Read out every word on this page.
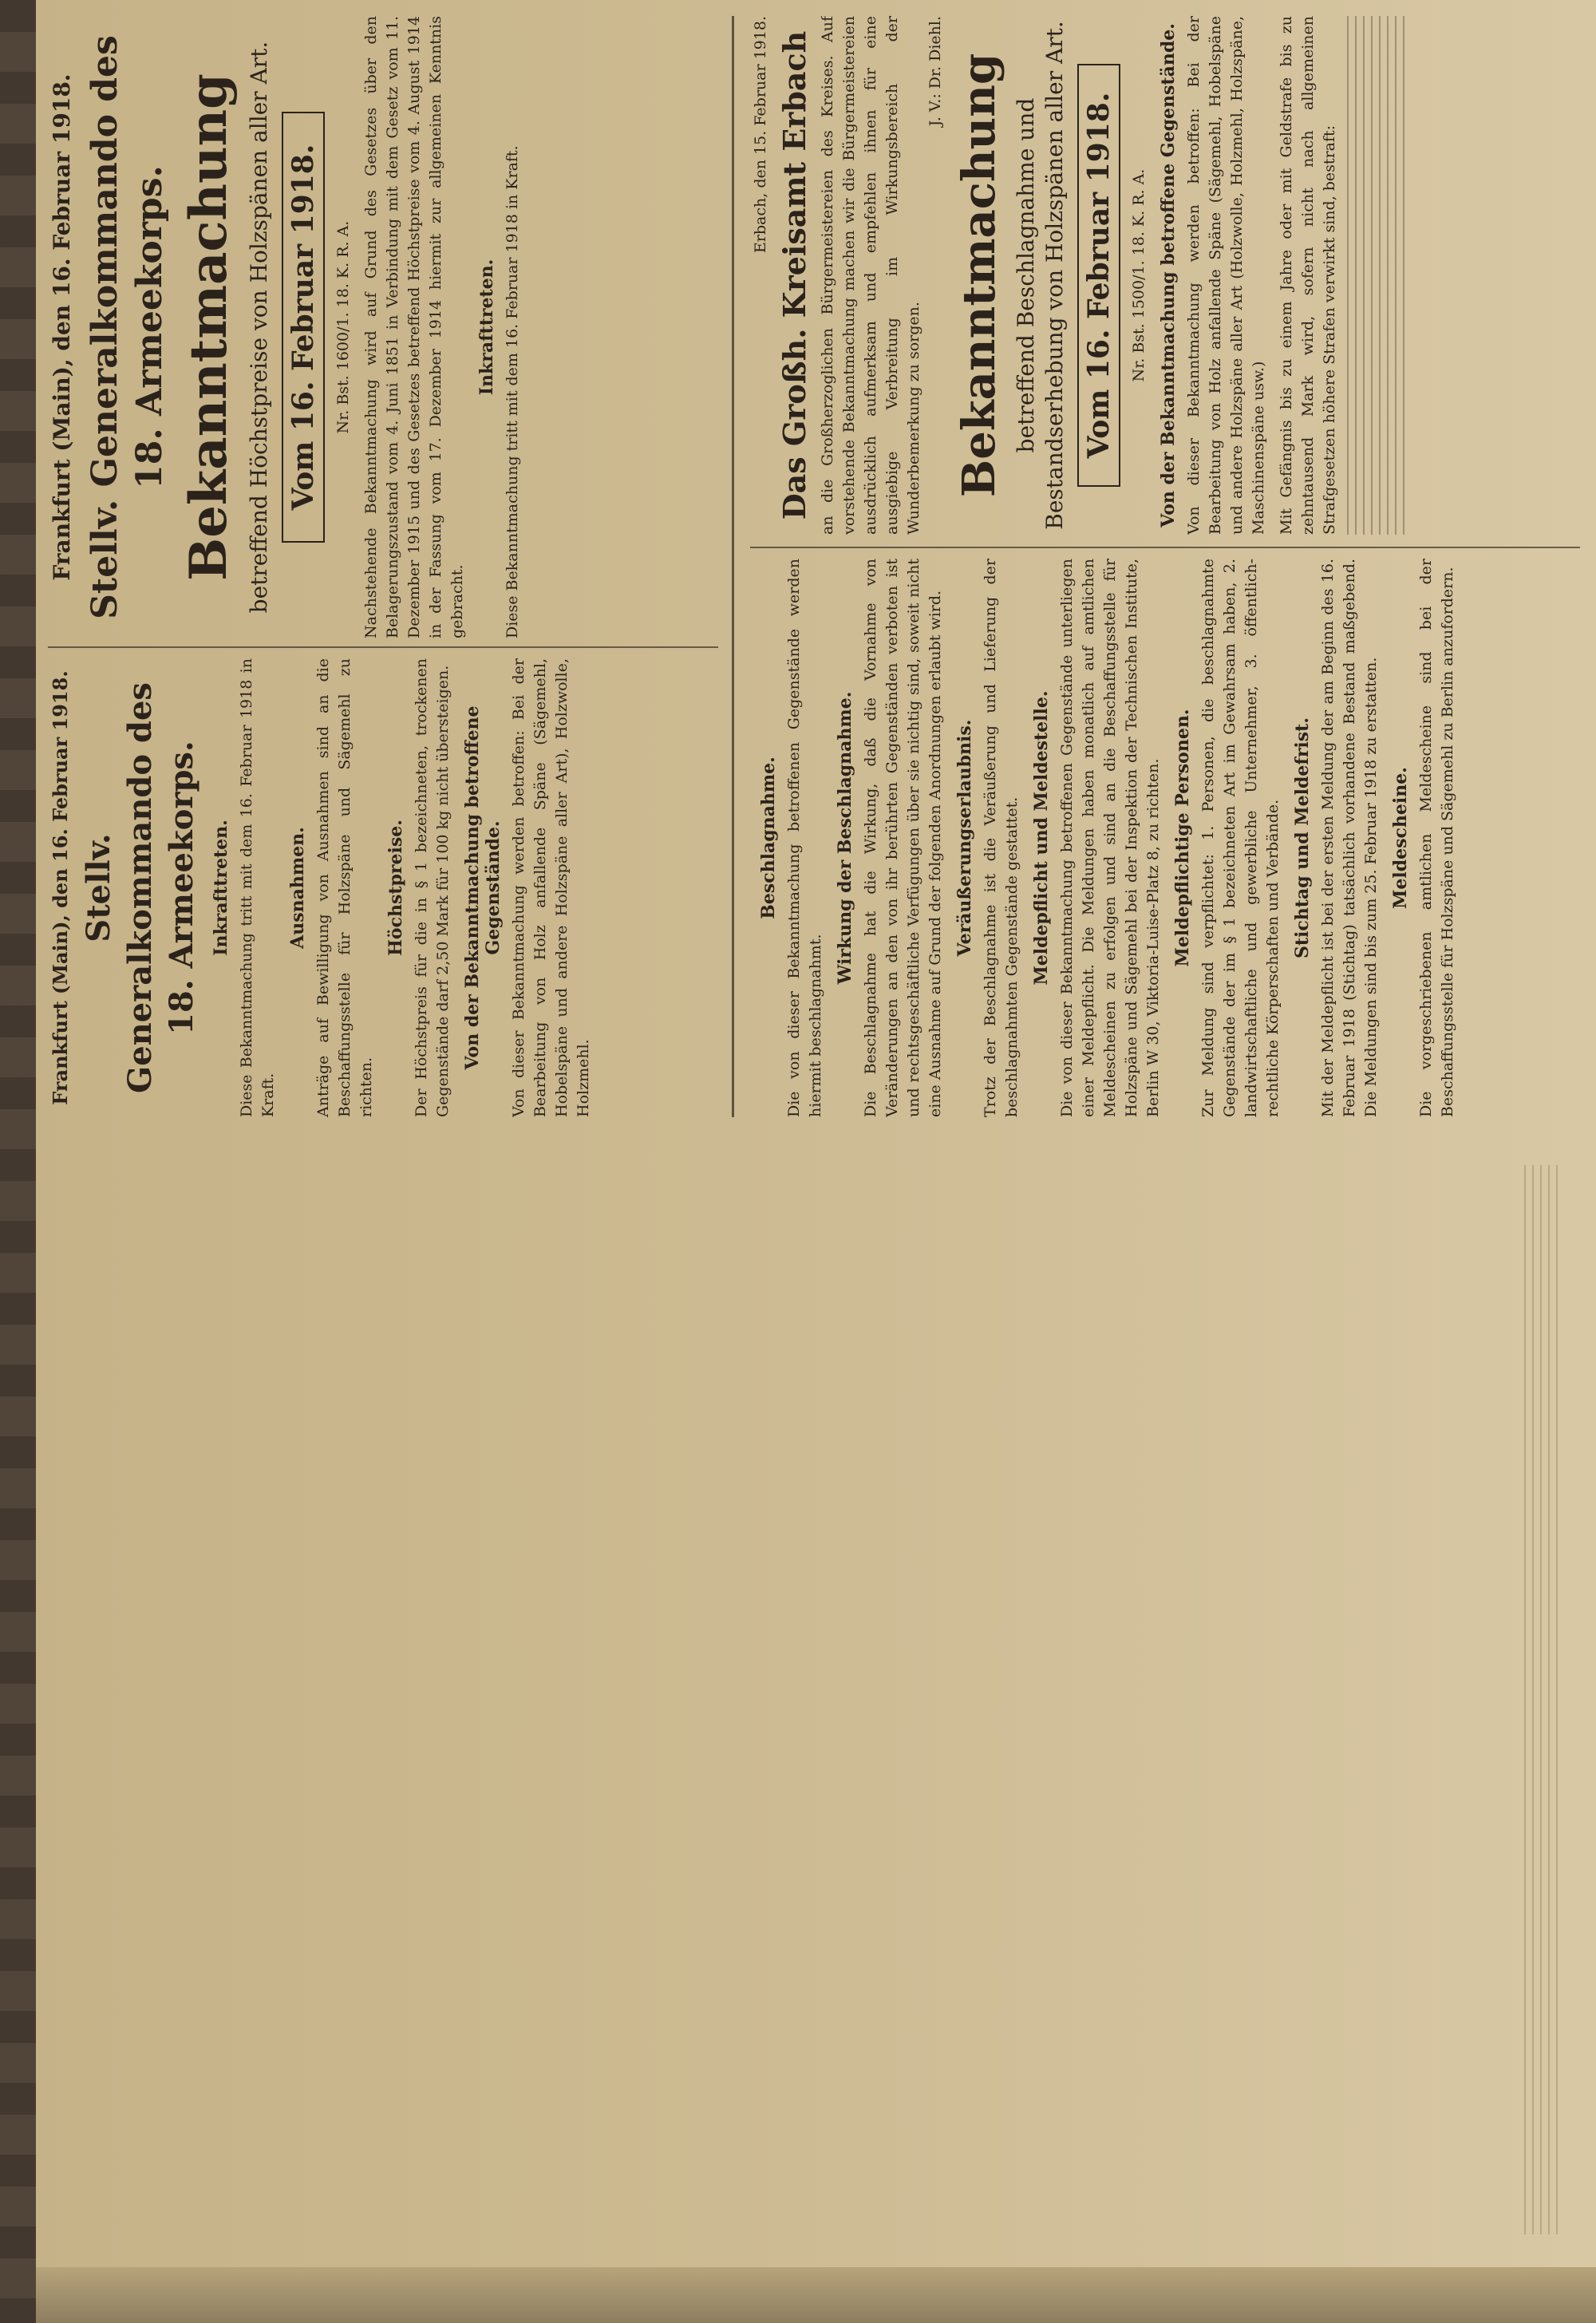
Erbach, den 15. Februar 1918. Das Großh. Kreisamt Erbach an die Großherzoglichen Bürgermeistereien des Kreises. Auf vorstehende Bekanntmachung machen wir die Bürgermeistereien ausdrücklich aufmerksam und empfehlen ihnen für eine ausgiebige Verbreitung im Wirkungsbereich der Wunderbemerkung zu sorgen.

J. V.: Dr. Diehl. Bekanntmachung betreffend Beschlagnahme und Bestandserhebung von Holzspänen aller Art. Vom 16. Februar 1918. Nr. Bst. 1500/1. 18. K. R. A. Von der Bekanntmachung betroffene Gegenstände. Von dieser Bekanntmachung werden betroffen: Bei der Bearbeitung von Holz anfallende Späne (Sägemehl, Hobelspäne und andere Holzspäne aller Art (Holzwolle, Holzmehl, Holzspäne, Maschinenspäne usw.) Mit Gefängnis bis zu einem Jahre oder mit Geldstrafe bis zu zehntausend Mark wird, sofern nicht nach allgemeinen Strafgesetzen höhere Strafen verwirkt sind, bestraft:

Beschlagnahme. Die von dieser Bekanntmachung betroffenen Gegenstände werden hiermit beschlagnahmt.

Wirkung der Beschlagnahme. Die Beschlagnahme hat die Wirkung, daß die Vornahme von Veränderungen an den von ihr berührten Gegenständen verboten ist und rechtsgeschäftliche Verfügungen über sie nichtig sind, soweit nicht eine Ausnahme auf Grund der folgenden Anordnungen erlaubt wird. Veräußerungserlaubnis. Trotz der Beschlagnahme ist die Veräußerung und Lieferung der beschlagnahmten Gegenstände gestattet. Meldepflicht und Meldestelle. Die von dieser Bekanntmachung betroffenen Gegenstände unterliegen einer Meldepflicht. Die Meldungen haben monatlich auf amtlichen Meldescheinen zu erfolgen und sind an die Beschaffungsstelle für Holzspäne und Sägemehl bei der Inspektion der Technischen Institute, Berlin W 30, Viktoria-Luise-Platz 8, zu richten. Meldepflichtige Personen. Zur Meldung sind verpflichtet: 1. Personen, die beschlagnahmte Gegenstände der im § 1 bezeichneten Art im Gewahrsam haben, 2. landwirtschaftliche und gewerbliche Unternehmer, 3. öffentlich-rechtliche Körperschaften und Verbände. Stichtag und Meldefrist. Mit der Meldepflicht ist bei der ersten Meldung der am Beginn des 16. Februar 1918 (Stichtag) tatsächlich vorhandene Bestand maßgebend. Die Meldungen sind bis zum 25. Februar 1918 zu erstatten. Meldescheine. Die vorgeschriebenen amtlichen Meldescheine sind bei der Beschaffungsstelle für Holzspäne und Sägemehl zu Berlin anzufordern.

Frankfurt (Main), den 16. Februar 1918. Stellv. Generalkommando des 18. Armeekorps. Bekanntmachung betreffend Höchstpreise von Holzspänen aller Art. Vom 16. Februar 1918. Nr. Bst. 1600/1. 18. K. R. A. Nachstehende Bekanntmachung wird auf Grund des Gesetzes über den Belagerungszustand vom 4. Juni 1851 in Verbindung mit dem Gesetz vom 11. Dezember 1915 und des Gesetzes betreffend Höchstpreise vom 4. August 1914 in der Fassung vom 17. Dezember 1914 hiermit zur allgemeinen Kenntnis gebracht.

Inkrafttreten. Diese Bekanntmachung tritt mit dem 16. Februar 1918 in Kraft.

Frankfurt (Main), den 16. Februar 1918. Stellv. Generalkommando des 18. Armeekorps. Inkrafttreten. Diese Bekanntmachung tritt mit dem 16. Februar 1918 in Kraft.

Ausnahmen. Anträge auf Bewilligung von Ausnahmen sind an die Beschaffungsstelle für Holzspäne und Sägemehl zu richten.

Höchstpreise. Der Höchstpreis für die in § 1 bezeichneten, trockenen Gegenstände darf 2,50 Mark für 100 kg nicht übersteigen. Von der Bekanntmachung betroffene Gegenstände. Von dieser Bekanntmachung werden betroffen: Bei der Bearbeitung von Holz anfallende Späne (Sägemehl, Hobelspäne und andere Holzspäne aller Art), Holzwolle, Holzmehl.
